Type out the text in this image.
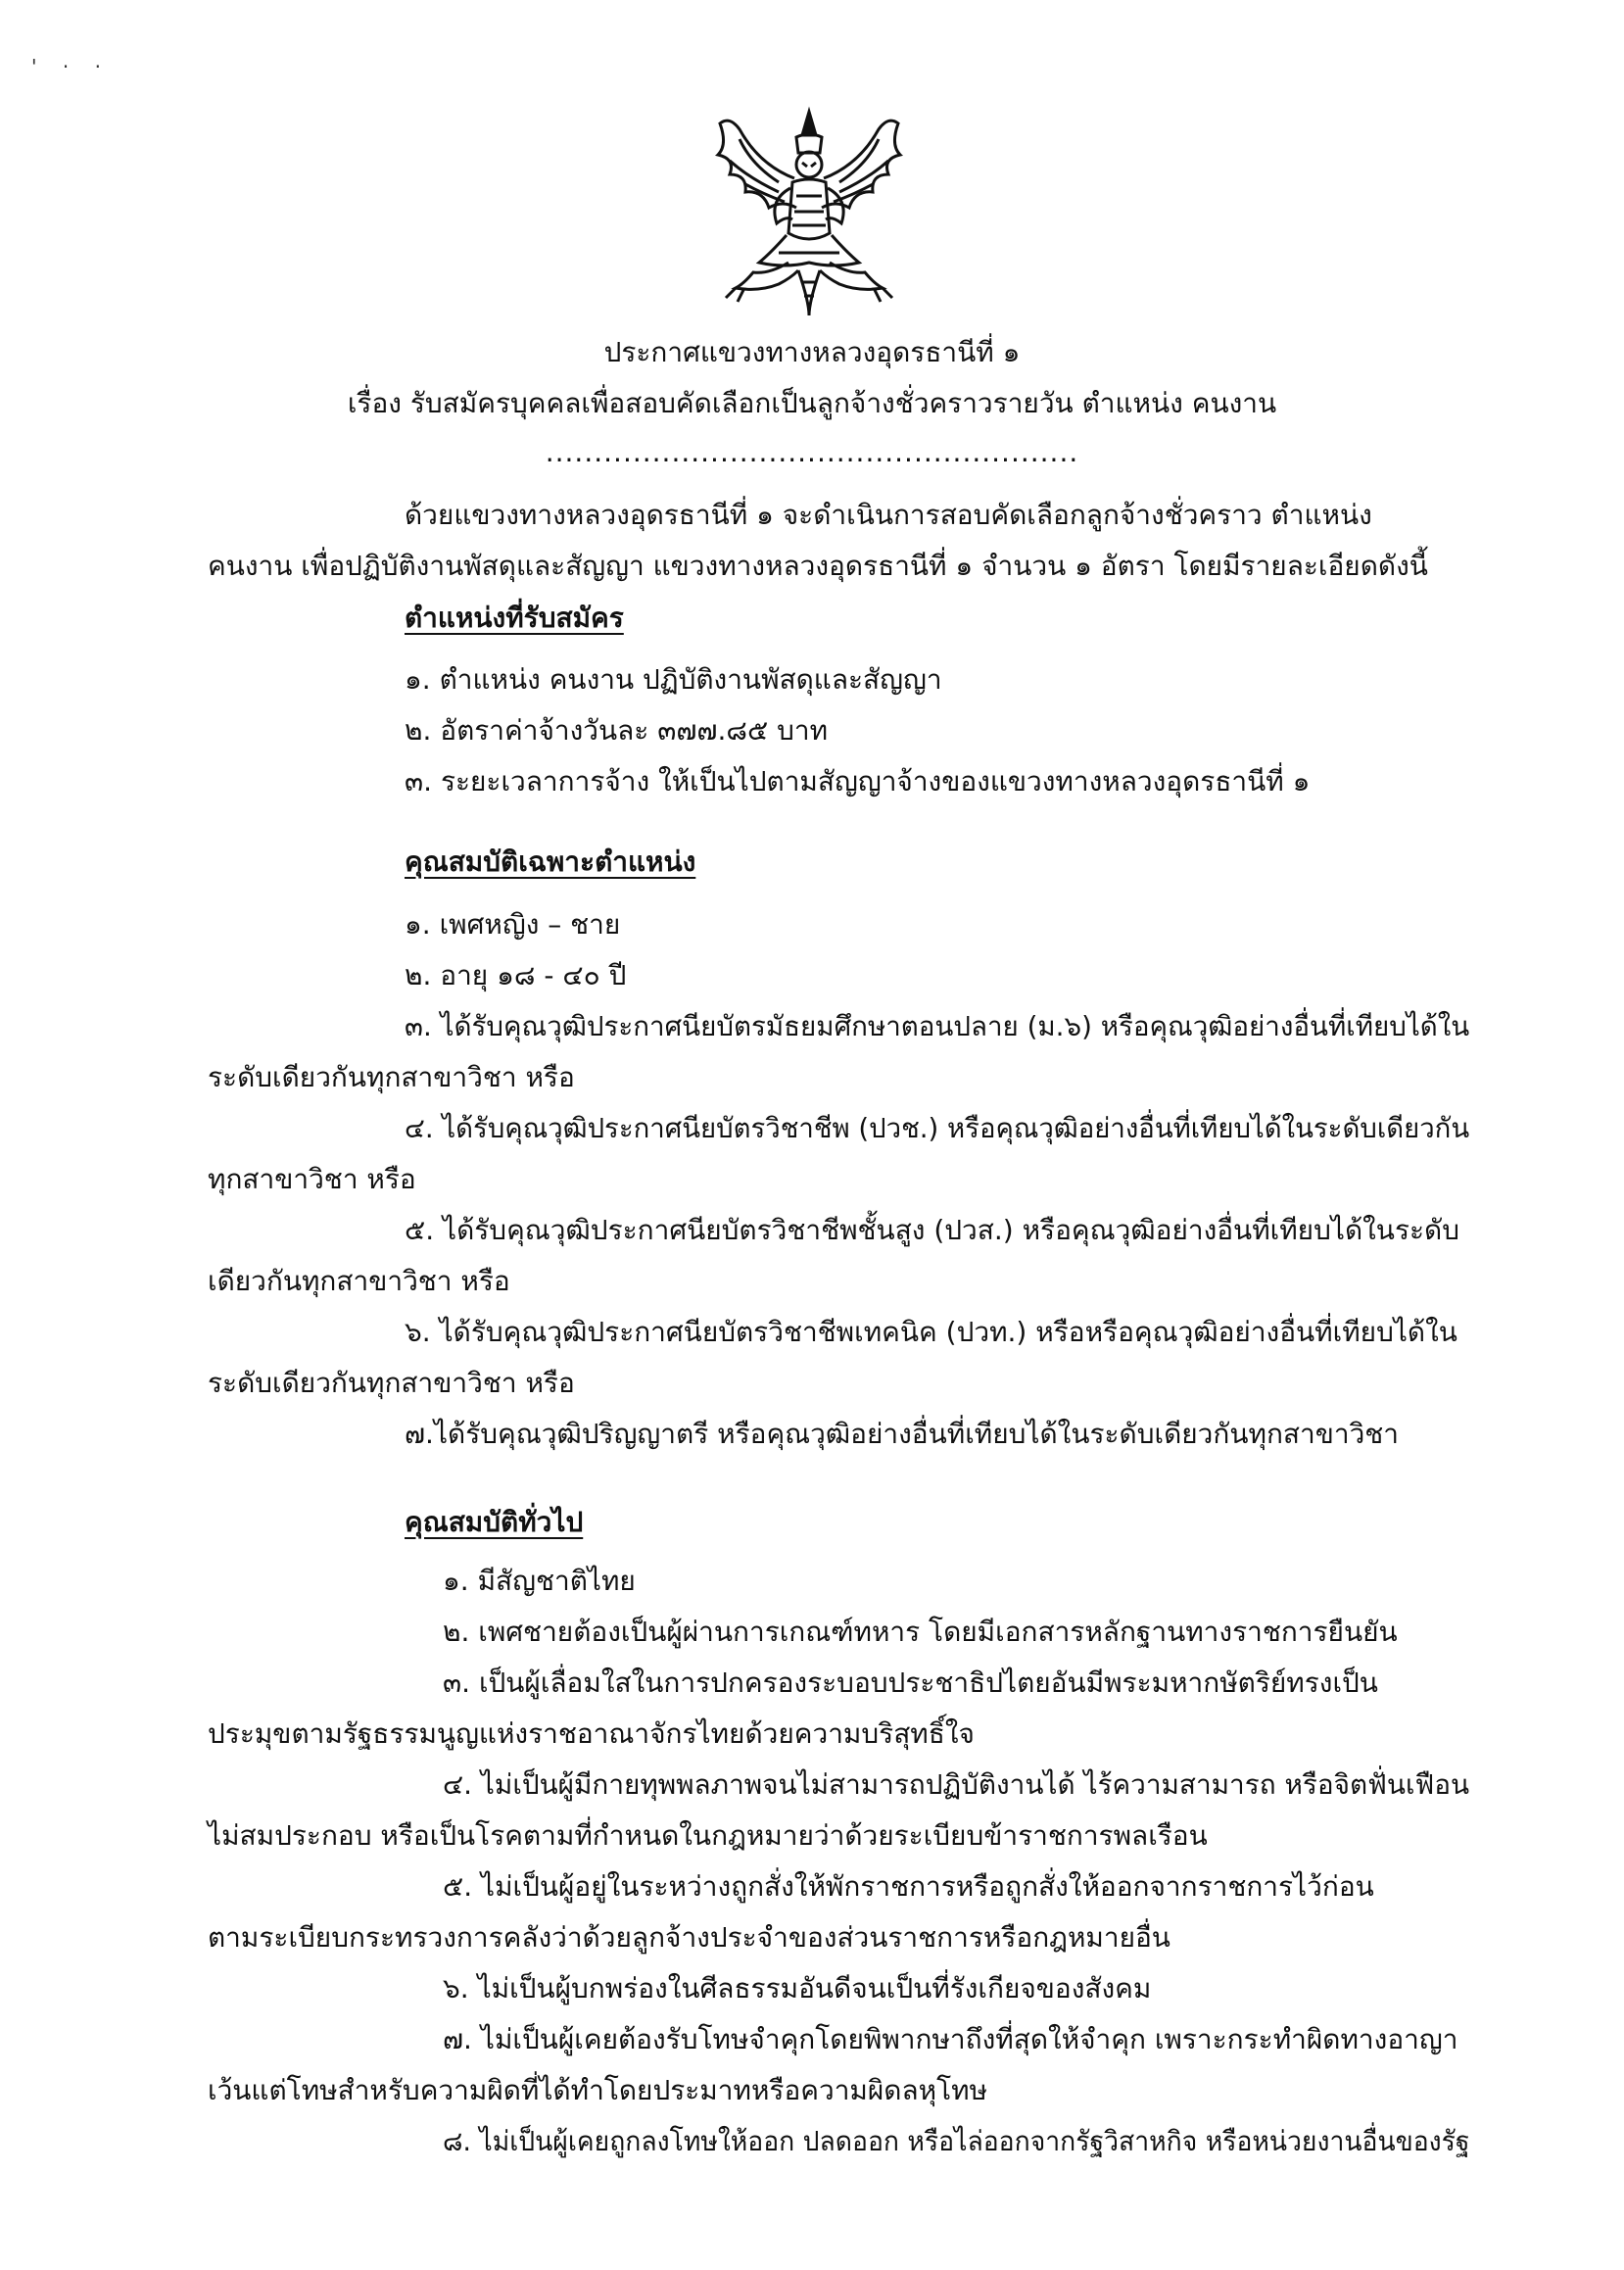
' · ·
ประกาศแขวงทางหลวงอุดรธานีที่ ๑
เรื่อง รับสมัครบุคคลเพื่อสอบคัดเลือกเป็นลูกจ้างชั่วคราวรายวัน ตำแหน่ง คนงาน
.......................................................
ด้วยแขวงทางหลวงอุดรธานีที่ ๑ จะดำเนินการสอบคัดเลือกลูกจ้างชั่วคราว ตำแหน่ง
คนงาน เพื่อปฏิบัติงานพัสดุและสัญญา แขวงทางหลวงอุดรธานีที่ ๑ จำนวน ๑ อัตรา โดยมีรายละเอียดดังนี้
ตำแหน่งที่รับสมัคร
๑. ตำแหน่ง คนงาน ปฏิบัติงานพัสดุและสัญญา
๒. อัตราค่าจ้างวันละ ๓๗๗.๘๕ บาท
๓. ระยะเวลาการจ้าง ให้เป็นไปตามสัญญาจ้างของแขวงทางหลวงอุดรธานีที่ ๑
คุณสมบัติเฉพาะตำแหน่ง
๑. เพศหญิง – ชาย
๒. อายุ ๑๘ - ๔๐ ปี
๓. ได้รับคุณวุฒิประกาศนียบัตรมัธยมศึกษาตอนปลาย (ม.๖) หรือคุณวุฒิอย่างอื่นที่เทียบได้ใน
ระดับเดียวกันทุกสาขาวิชา หรือ
๔. ได้รับคุณวุฒิประกาศนียบัตรวิชาชีพ (ปวช.) หรือคุณวุฒิอย่างอื่นที่เทียบได้ในระดับเดียวกัน
ทุกสาขาวิชา หรือ
๕. ได้รับคุณวุฒิประกาศนียบัตรวิชาชีพชั้นสูง (ปวส.) หรือคุณวุฒิอย่างอื่นที่เทียบได้ในระดับ
เดียวกันทุกสาขาวิชา หรือ
๖. ได้รับคุณวุฒิประกาศนียบัตรวิชาชีพเทคนิค (ปวท.) หรือหรือคุณวุฒิอย่างอื่นที่เทียบได้ใน
ระดับเดียวกันทุกสาขาวิชา หรือ
๗.ได้รับคุณวุฒิปริญญาตรี หรือคุณวุฒิอย่างอื่นที่เทียบได้ในระดับเดียวกันทุกสาขาวิชา
คุณสมบัติทั่วไป
๑. มีสัญชาติไทย
๒. เพศชายต้องเป็นผู้ผ่านการเกณฑ์ทหาร โดยมีเอกสารหลักฐานทางราชการยืนยัน
๓. เป็นผู้เลื่อมใสในการปกครองระบอบประชาธิปไตยอันมีพระมหากษัตริย์ทรงเป็น
ประมุขตามรัฐธรรมนูญแห่งราชอาณาจักรไทยด้วยความบริสุทธิ์ใจ
๔. ไม่เป็นผู้มีกายทุพพลภาพจนไม่สามารถปฏิบัติงานได้ ไร้ความสามารถ หรือจิตฟั่นเฟือน
ไม่สมประกอบ หรือเป็นโรคตามที่กำหนดในกฎหมายว่าด้วยระเบียบข้าราชการพลเรือน
๕. ไม่เป็นผู้อยู่ในระหว่างถูกสั่งให้พักราชการหรือถูกสั่งให้ออกจากราชการไว้ก่อน
ตามระเบียบกระทรวงการคลังว่าด้วยลูกจ้างประจำของส่วนราชการหรือกฎหมายอื่น
๖. ไม่เป็นผู้บกพร่องในศีลธรรมอันดีจนเป็นที่รังเกียจของสังคม
๗. ไม่เป็นผู้เคยต้องรับโทษจำคุกโดยพิพากษาถึงที่สุดให้จำคุก เพราะกระทำผิดทางอาญา
เว้นแต่โทษสำหรับความผิดที่ได้ทำโดยประมาทหรือความผิดลหุโทษ
๘. ไม่เป็นผู้เคยถูกลงโทษให้ออก ปลดออก หรือไล่ออกจากรัฐวิสาหกิจ หรือหน่วยงานอื่นของรัฐ
